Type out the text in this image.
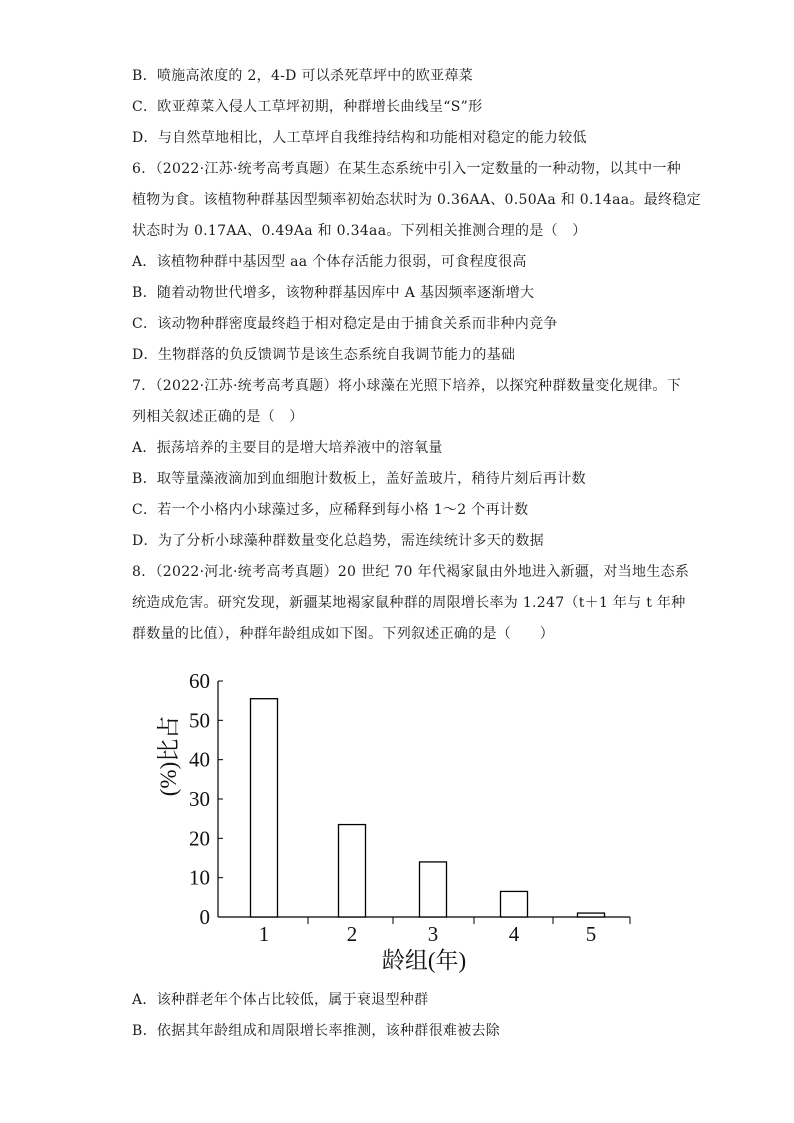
B．喷施高浓度的 2，4-D 可以杀死草坪中的欧亚蔊菜
C．欧亚蔊菜入侵人工草坪初期，种群增长曲线呈“S”形
D．与自然草地相比，人工草坪自我维持结构和功能相对稳定的能力较低
6．（2022·江苏·统考高考真题）在某生态系统中引入一定数量的一种动物，以其中一种
植物为食。该植物种群基因型频率初始态状时为 0.36AA、0.50Aa 和 0.14aa。最终稳定
状态时为 0.17AA、0.49Aa 和 0.34aa。下列相关推测合理的是（　）
A．该植物种群中基因型 aa 个体存活能力很弱，可食程度很高
B．随着动物世代增多，该物种群基因库中 A 基因频率逐渐增大
C．该动物种群密度最终趋于相对稳定是由于捕食关系而非种内竞争
D．生物群落的负反馈调节是该生态系统自我调节能力的基础
7．（2022·江苏·统考高考真题）将小球藻在光照下培养，以探究种群数量变化规律。下
列相关叙述正确的是（　）
A．振荡培养的主要目的是增大培养液中的溶氧量
B．取等量藻液滴加到血细胞计数板上，盖好盖玻片，稍待片刻后再计数
C．若一个小格内小球藻过多，应稀释到每小格 1～2 个再计数
D．为了分析小球藻种群数量变化总趋势，需连续统计多天的数据
8．（2022·河北·统考高考真题）20 世纪 70 年代褐家鼠由外地进入新疆，对当地生态系
统造成危害。研究发现，新疆某地褐家鼠种群的周限增长率为 1.247（t＋1 年与 t 年种
群数量的比值），种群年龄组成如下图。下列叙述正确的是（　　）
0
10
20
30
40
50
60
1	2	3	4	5
龄组(年)
(%)比占
A．该种群老年个体占比较低，属于衰退型种群
B．依据其年龄组成和周限增长率推测，该种群很难被去除
